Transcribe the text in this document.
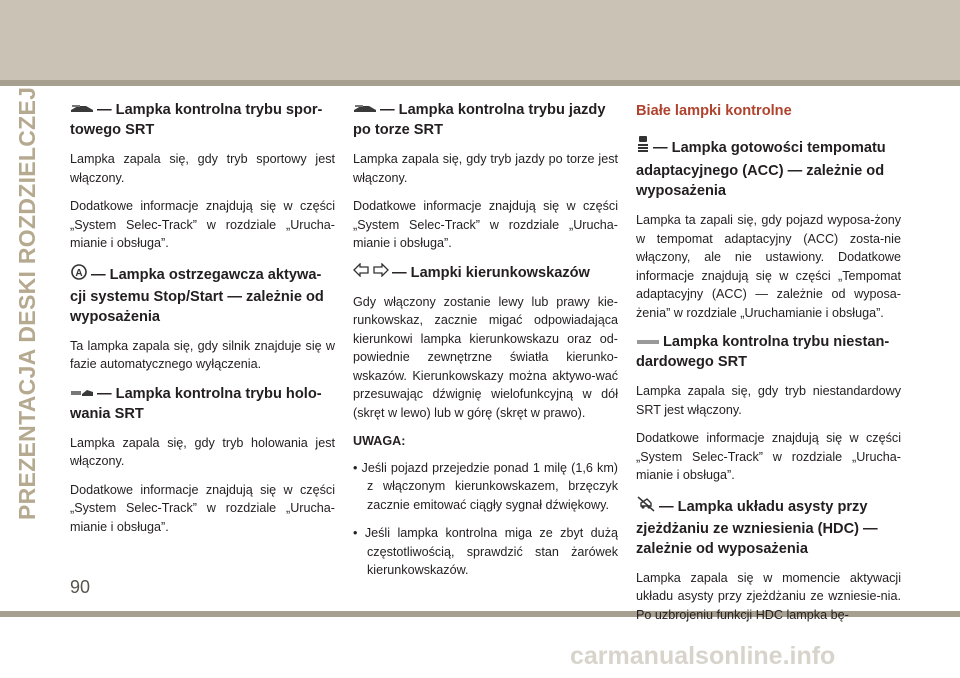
PREZENTACJA DESKI ROZDZIELCZEJ
90
carmanualsonline.info
— Lampka kontrolna trybu spor-towego SRT

Lampka zapala się, gdy tryb sportowy jest włączony.

Dodatkowe informacje znajdują się w części „System Selec-Track” w rozdziale „Urucha-mianie i obsługa”.

A — Lampka ostrzegawcza aktywa-cji systemu Stop/Start — zależnie od wyposażenia

Ta lampka zapala się, gdy silnik znajduje się w fazie automatycznego wyłączenia.

— Lampka kontrolna trybu holo-wania SRT

Lampka zapala się, gdy tryb holowania jest włączony.

Dodatkowe informacje znajdują się w części „System Selec-Track” w rozdziale „Urucha-mianie i obsługa”.

— Lampka kontrolna trybu jazdy po torze SRT

Lampka zapala się, gdy tryb jazdy po torze jest włączony.

Dodatkowe informacje znajdują się w części „System Selec-Track” w rozdziale „Urucha-mianie i obsługa”.

— Lampki kierunkowskazów

Gdy włączony zostanie lewy lub prawy kie-runkowskaz, zacznie migać odpowiadająca kierunkowi lampka kierunkowskazu oraz od-powiednie zewnętrzne światła kierunko-wskazów. Kierunkowskazy można aktywo-wać przesuwając dźwignię wielofunkcyjną w dół (skręt w lewo) lub w górę (skręt w prawo).

UWAGA:

• Jeśli pojazd przejedzie ponad 1 milę (1,6 km) z włączonym kierunkowskazem, brzęczyk zacznie emitować ciągły sygnał dźwiękowy.
• Jeśli lampka kontrolna miga ze zbyt dużą częstotliwością, sprawdzić stan żarówek kierunkowskazów.
Białe lampki kontrolne
— Lampka gotowości tempomatu adaptacyjnego (ACC) — zależnie od wyposażenia

Lampka ta zapali się, gdy pojazd wyposa-żony w tempomat adaptacyjny (ACC) zosta-nie włączony, ale nie ustawiony. Dodatkowe informacje znajdują się w części „Tempomat adaptacyjny (ACC) — zależnie od wyposa-żenia” w rozdziale „Uruchamianie i obsługa”.

Lampka kontrolna trybu niestan-dardowego SRT

Lampka zapala się, gdy tryb niestandardowy SRT jest włączony.

Dodatkowe informacje znajdują się w części „System Selec-Track” w rozdziale „Urucha-mianie i obsługa”.

— Lampka układu asysty przy zjeżdżaniu ze wzniesienia (HDC) — zależnie od wyposażenia

Lampka zapala się w momencie aktywacji układu asysty przy zjeżdżaniu ze wzniesie-nia. Po uzbrojeniu funkcji HDC lampka bę-
